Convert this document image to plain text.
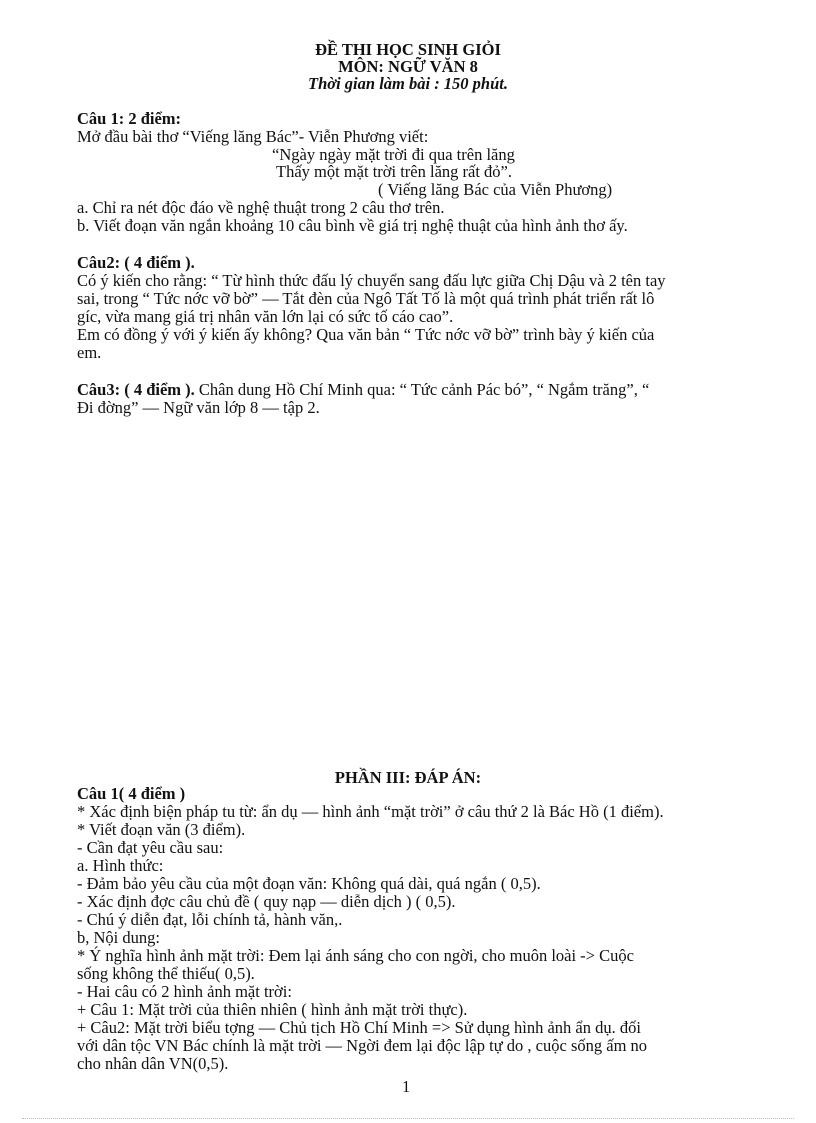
ĐỀ THI HỌC SINH GIỎI
MÔN: NGỮ VĂN 8
Thời gian làm bài : 150 phút.
Câu 1: 2 điểm:
Mở đầu bài thơ “Viếng lăng Bác”- Viễn Phương viết:
“Ngày ngày mặt trời đi qua trên lăng
Thấy một mặt trời trên lăng rất đỏ”.
( Viếng lăng Bác của Viễn Phương)
a. Chỉ ra nét độc đáo về nghệ thuật trong 2 câu thơ trên.
b. Viết đoạn văn ngắn khoảng 10 câu bình về giá trị nghệ thuật của hình ảnh thơ ấy.
Câu2: ( 4 điểm ).
Có ý kiến cho rằng: “ Từ hình thức đấu lý chuyển sang đấu lực giữa Chị Dậu và 2 tên tay
sai, trong “ Tức nớc vỡ bờ” — Tắt đèn của Ngô Tất Tố là một quá trình phát triển rất lô
gíc, vừa mang giá trị nhân văn lớn lại có sức tố cáo cao”.
Em có đồng ý với ý kiến ấy không? Qua văn bản “ Tức nớc vỡ bờ” trình bày ý kiến của
em.
Câu3: ( 4 điểm ). Chân dung Hồ Chí Minh qua: “ Tức cảnh Pác bó”, “ Ngắm trăng”, “
Đi đờng” — Ngữ văn lớp 8 — tập 2.
PHẦN III: ĐÁP ÁN:
Câu 1( 4 điểm )
* Xác định biện pháp tu từ: ẩn dụ — hình ảnh “mặt trời” ở câu thứ 2 là Bác Hồ (1 điểm).
* Viết đoạn văn (3 điểm).
- Cần đạt yêu cầu sau:
a. Hình thức:
- Đảm bảo yêu cầu của một đoạn văn: Không quá dài, quá ngắn ( 0,5).
- Xác định đợc câu chủ đề ( quy nạp — diễn dịch ) ( 0,5).
- Chú ý diễn đạt, lỗi chính tả, hành văn,.
b, Nội dung:
* Ý nghĩa hình ảnh mặt trời: Đem lại ánh sáng cho con ngời, cho muôn loài -> Cuộc
sống không thể thiếu( 0,5).
- Hai câu có 2 hình ảnh mặt trời:
+ Câu 1: Mặt trời của thiên nhiên ( hình ảnh mặt trời thực).
+ Câu2: Mặt trời biểu tợng — Chủ tịch Hồ Chí Minh => Sử dụng hình ảnh ẩn dụ. đối
với dân tộc VN Bác chính là mặt trời — Ngời đem lại độc lập tự do , cuộc sống ấm no
cho nhân dân VN(0,5).
1
